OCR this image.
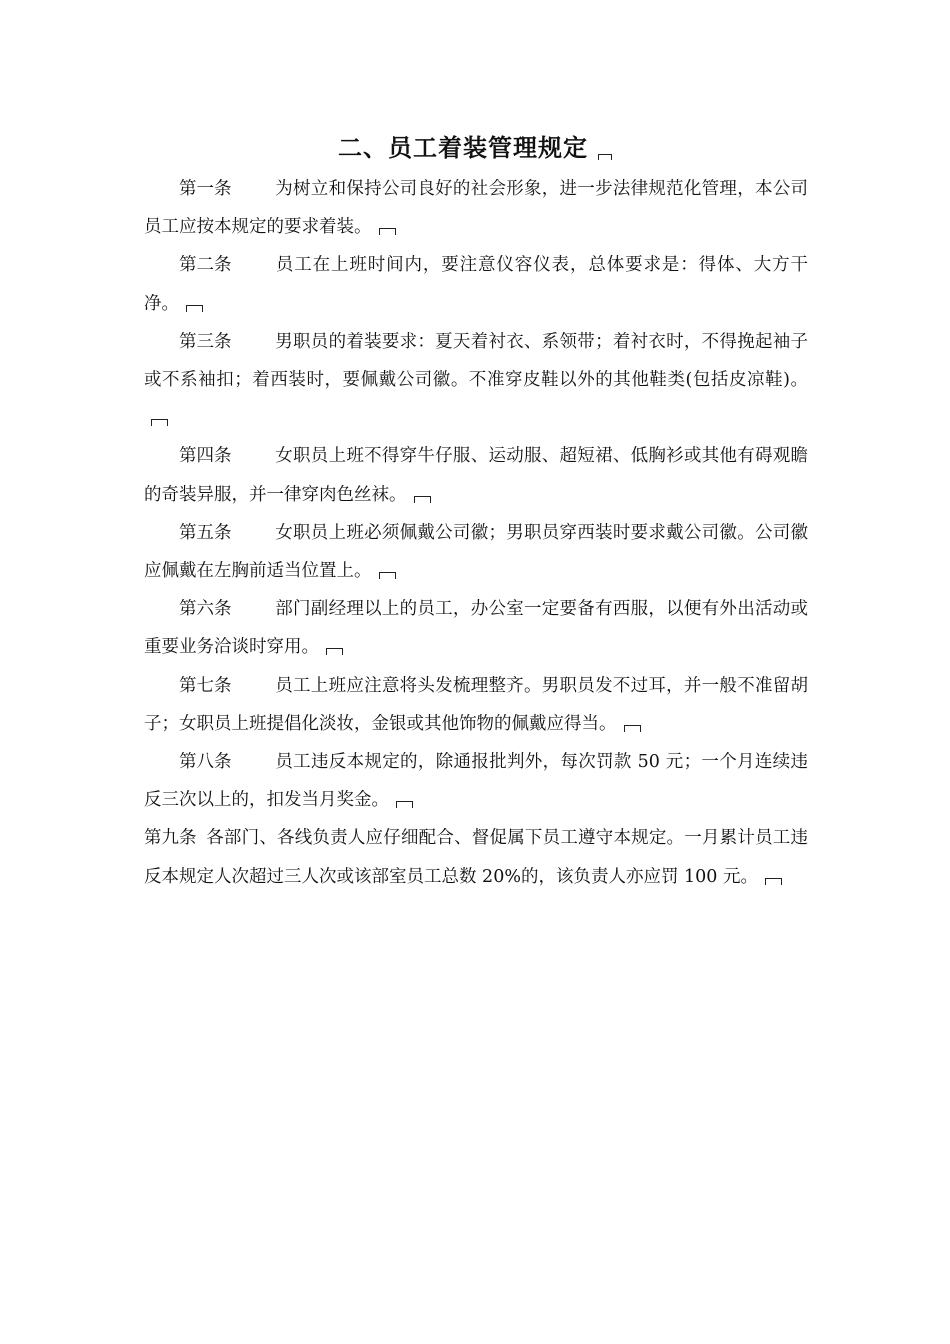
二、员工着装管理规定

第一条 为树立和保持公司良好的社会形象，进一步法律规范化管理，本公司员工应按本规定的要求着装。

第二条 员工在上班时间内，要注意仪容仪表，总体要求是：得体、大方干净。

第三条 男职员的着装要求：夏天着衬衣、系领带；着衬衣时，不得挽起袖子或不系袖扣；着西装时，要佩戴公司徽。不准穿皮鞋以外的其他鞋类(包括皮凉鞋)。

第四条 女职员上班不得穿牛仔服、运动服、超短裙、低胸衫或其他有碍观瞻的奇装异服，并一律穿肉色丝袜。

第五条 女职员上班必须佩戴公司徽；男职员穿西装时要求戴公司徽。公司徽应佩戴在左胸前适当位置上。

第六条 部门副经理以上的员工，办公室一定要备有西服，以便有外出活动或重要业务洽谈时穿用。

第七条 员工上班应注意将头发梳理整齐。男职员发不过耳，并一般不准留胡子；女职员上班提倡化淡妆，金银或其他饰物的佩戴应得当。

第八条 员工违反本规定的，除通报批判外，每次罚款 50 元；一个月连续违反三次以上的，扣发当月奖金。

第九条 各部门、各线负责人应仔细配合、督促属下员工遵守本规定。一月累计员工违反本规定人次超过三人次或该部室员工总数 20%的，该负责人亦应罚 100 元。
